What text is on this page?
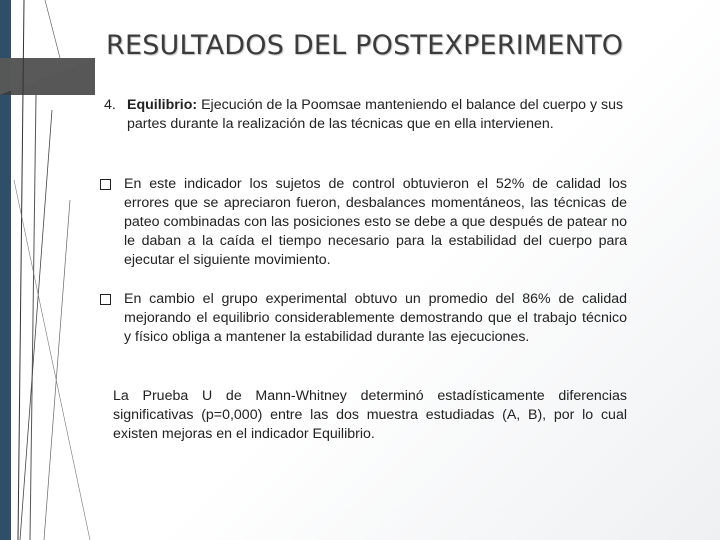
RESULTADOS DEL POSTEXPERIMENTO
4. Equilibrio: Ejecución de la Poomsae manteniendo el balance del cuerpo y sus partes durante la realización de las técnicas que en ella intervienen.
En este indicador los sujetos de control obtuvieron el 52% de calidad los errores que se apreciaron fueron, desbalances momentáneos, las técnicas de pateo combinadas con las posiciones esto se debe a que después de patear no le daban a la caída el tiempo necesario para la estabilidad del cuerpo para ejecutar el siguiente movimiento.
En cambio el grupo experimental obtuvo un promedio del 86% de calidad mejorando el equilibrio considerablemente demostrando que el trabajo técnico y físico obliga a mantener la estabilidad durante las ejecuciones.
La Prueba U de Mann-Whitney determinó estadísticamente diferencias significativas (p=0,000) entre las dos muestra estudiadas (A, B), por lo cual existen mejoras en el indicador Equilibrio.
